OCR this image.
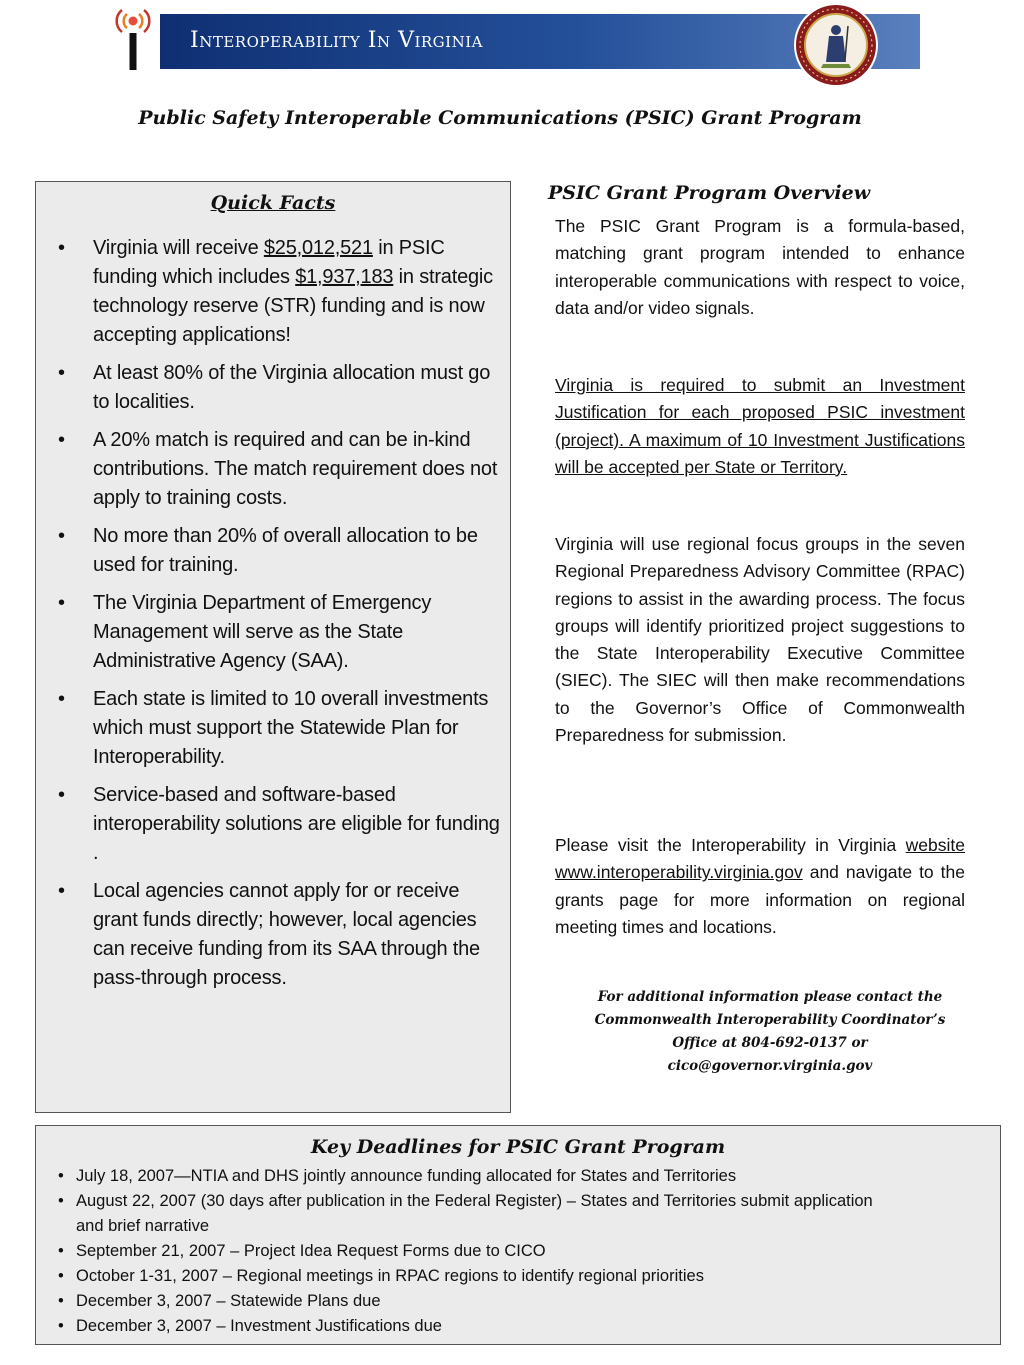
Interoperability In Virginia
Public Safety Interoperable Communications (PSIC) Grant Program
Quick Facts
• Virginia will receive $25,012,521 in PSIC funding which includes $1,937,183 in strategic technology reserve (STR) funding and is now accepting applications!
• At least 80% of the Virginia allocation must go to localities.
• A 20% match is required and can be in-kind contributions. The match requirement does not apply to training costs.
• No more than 20% of overall allocation to be used for training.
• The Virginia Department of Emergency Management will serve as the State Administrative Agency (SAA).
• Each state is limited to 10 overall investments which must support the Statewide Plan for Interoperability.
• Service-based and software-based interoperability solutions are eligible for funding .
• Local agencies cannot apply for or receive grant funds directly; however, local agencies can receive funding from its SAA through the pass-through process.
PSIC Grant Program Overview

The PSIC Grant Program is a formula-based, matching grant program intended to enhance interoperable communications with respect to voice, data and/or video signals.

Virginia is required to submit an Investment Justification for each proposed PSIC investment (project). A maximum of 10 Investment Justifications will be accepted per State or Territory.

Virginia will use regional focus groups in the seven Regional Preparedness Advisory Committee (RPAC) regions to assist in the awarding process. The focus groups will identify prioritized project suggestions to the State Interoperability Executive Committee (SIEC). The SIEC will then make recommendations to the Governor’s Office of Commonwealth Preparedness for submission.

Please visit the Interoperability in Virginia website www.interoperability.virginia.gov and navigate to the grants page for more information on regional meeting times and locations.

For additional information please contact the Commonwealth Interoperability Coordinator’s Office at 804-692-0137 or cico@governor.virginia.gov

Key Deadlines for PSIC Grant Program
• July 18, 2007—NTIA and DHS jointly announce funding allocated for States and Territories
• August 22, 2007 (30 days after publication in the Federal Register) – States and Territories submit application and brief narrative
• September 21, 2007 – Project Idea Request Forms due to CICO
• October 1-31, 2007 – Regional meetings in RPAC regions to identify regional priorities
• December 3, 2007 – Statewide Plans due
• December 3, 2007 – Investment Justifications due
